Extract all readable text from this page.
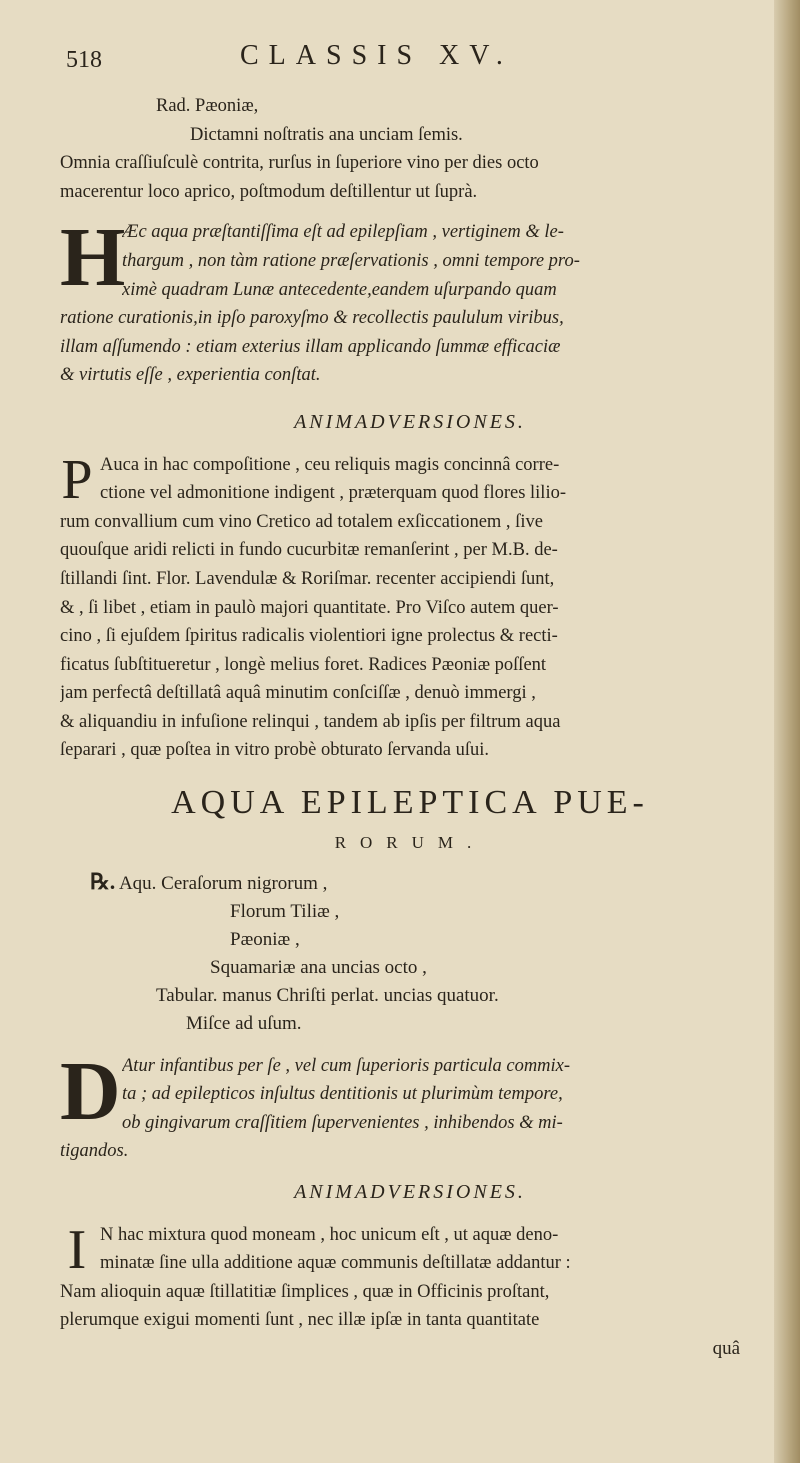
518	CLASSIS XV.
Rad. Pæoniæ,
Dictamni noſtratis ana unciam ſemis.
Omnia craſſiuſculè contrita, rurſus in ſuperiore vino per dies octo
macerentur loco aprico, poſtmodum deſtillentur ut ſuprà.
H
Æc aqua præſtantiſſima eſt ad epilepſiam , vertiginem & le-
thargum , non tàm ratione præſervationis , omni tempore pro-
ximè quadram Lunæ antecedente,eandem uſurpando quam
ratione curationis,in ipſo paroxyſmo & recollectis paululum viribus,
illam aſſumendo : etiam exterius illam applicando ſummæ efficaciæ
& virtutis eſſe , experientia conſtat.
ANIMADVERSIONES.
P Auca in hac compoſitione , ceu reliquis magis concinnâ corre-
ctione vel admonitione indigent , præterquam quod flores lilio-
rum convallium cum vino Cretico ad totalem exſiccationem , ſive
quouſque aridi relicti in fundo cucurbitæ remanſerint , per M.B. de-
ſtillandi ſint. Flor. Lavendulæ & Roriſmar. recenter accipiendi ſunt,
& , ſi libet , etiam in paulò majori quantitate. Pro Viſco autem quer-
cino , ſi ejuſdem ſpiritus radicalis violentiori igne prolectus & recti-
ficatus ſubſtitueretur , longè melius foret. Radices Pæoniæ poſſent
jam perfectâ deſtillatâ aquâ minutim conſciſſæ , denuò immergi ,
& aliquandiu in infuſione relinqui , tandem ab ipſis per filtrum aqua
ſeparari , quæ poſtea in vitro probè obturato ſervanda uſui.
AQUA EPILEPTICA PUE-
RORUM.
℞. Aqu. Ceraſorum nigrorum ,
Florum Tiliæ ,
Pæoniæ ,
Squamariæ ana uncias octo ,
Tabular. manus Chriſti perlat. uncias quatuor.
Miſce ad uſum.
D Atur infantibus per ſe , vel cum ſuperioris particula commix-
ta ; ad epilepticos inſultus dentitionis ut plurimùm tempore,
ob gingivarum craſſitiem ſupervenientes , inhibendos & mi-
tigandos.
ANIMADVERSIONES.
I N hac mixtura quod moneam , hoc unicum eſt , ut aquæ deno-
minatæ ſine ulla additione aquæ communis deſtillatæ addantur :
Nam alioquin aquæ ſtillatitiæ ſimplices , quæ in Officinis proſtant,
plerumque exigui momenti ſunt , nec illæ ipſæ in tanta quantitate
quâ
